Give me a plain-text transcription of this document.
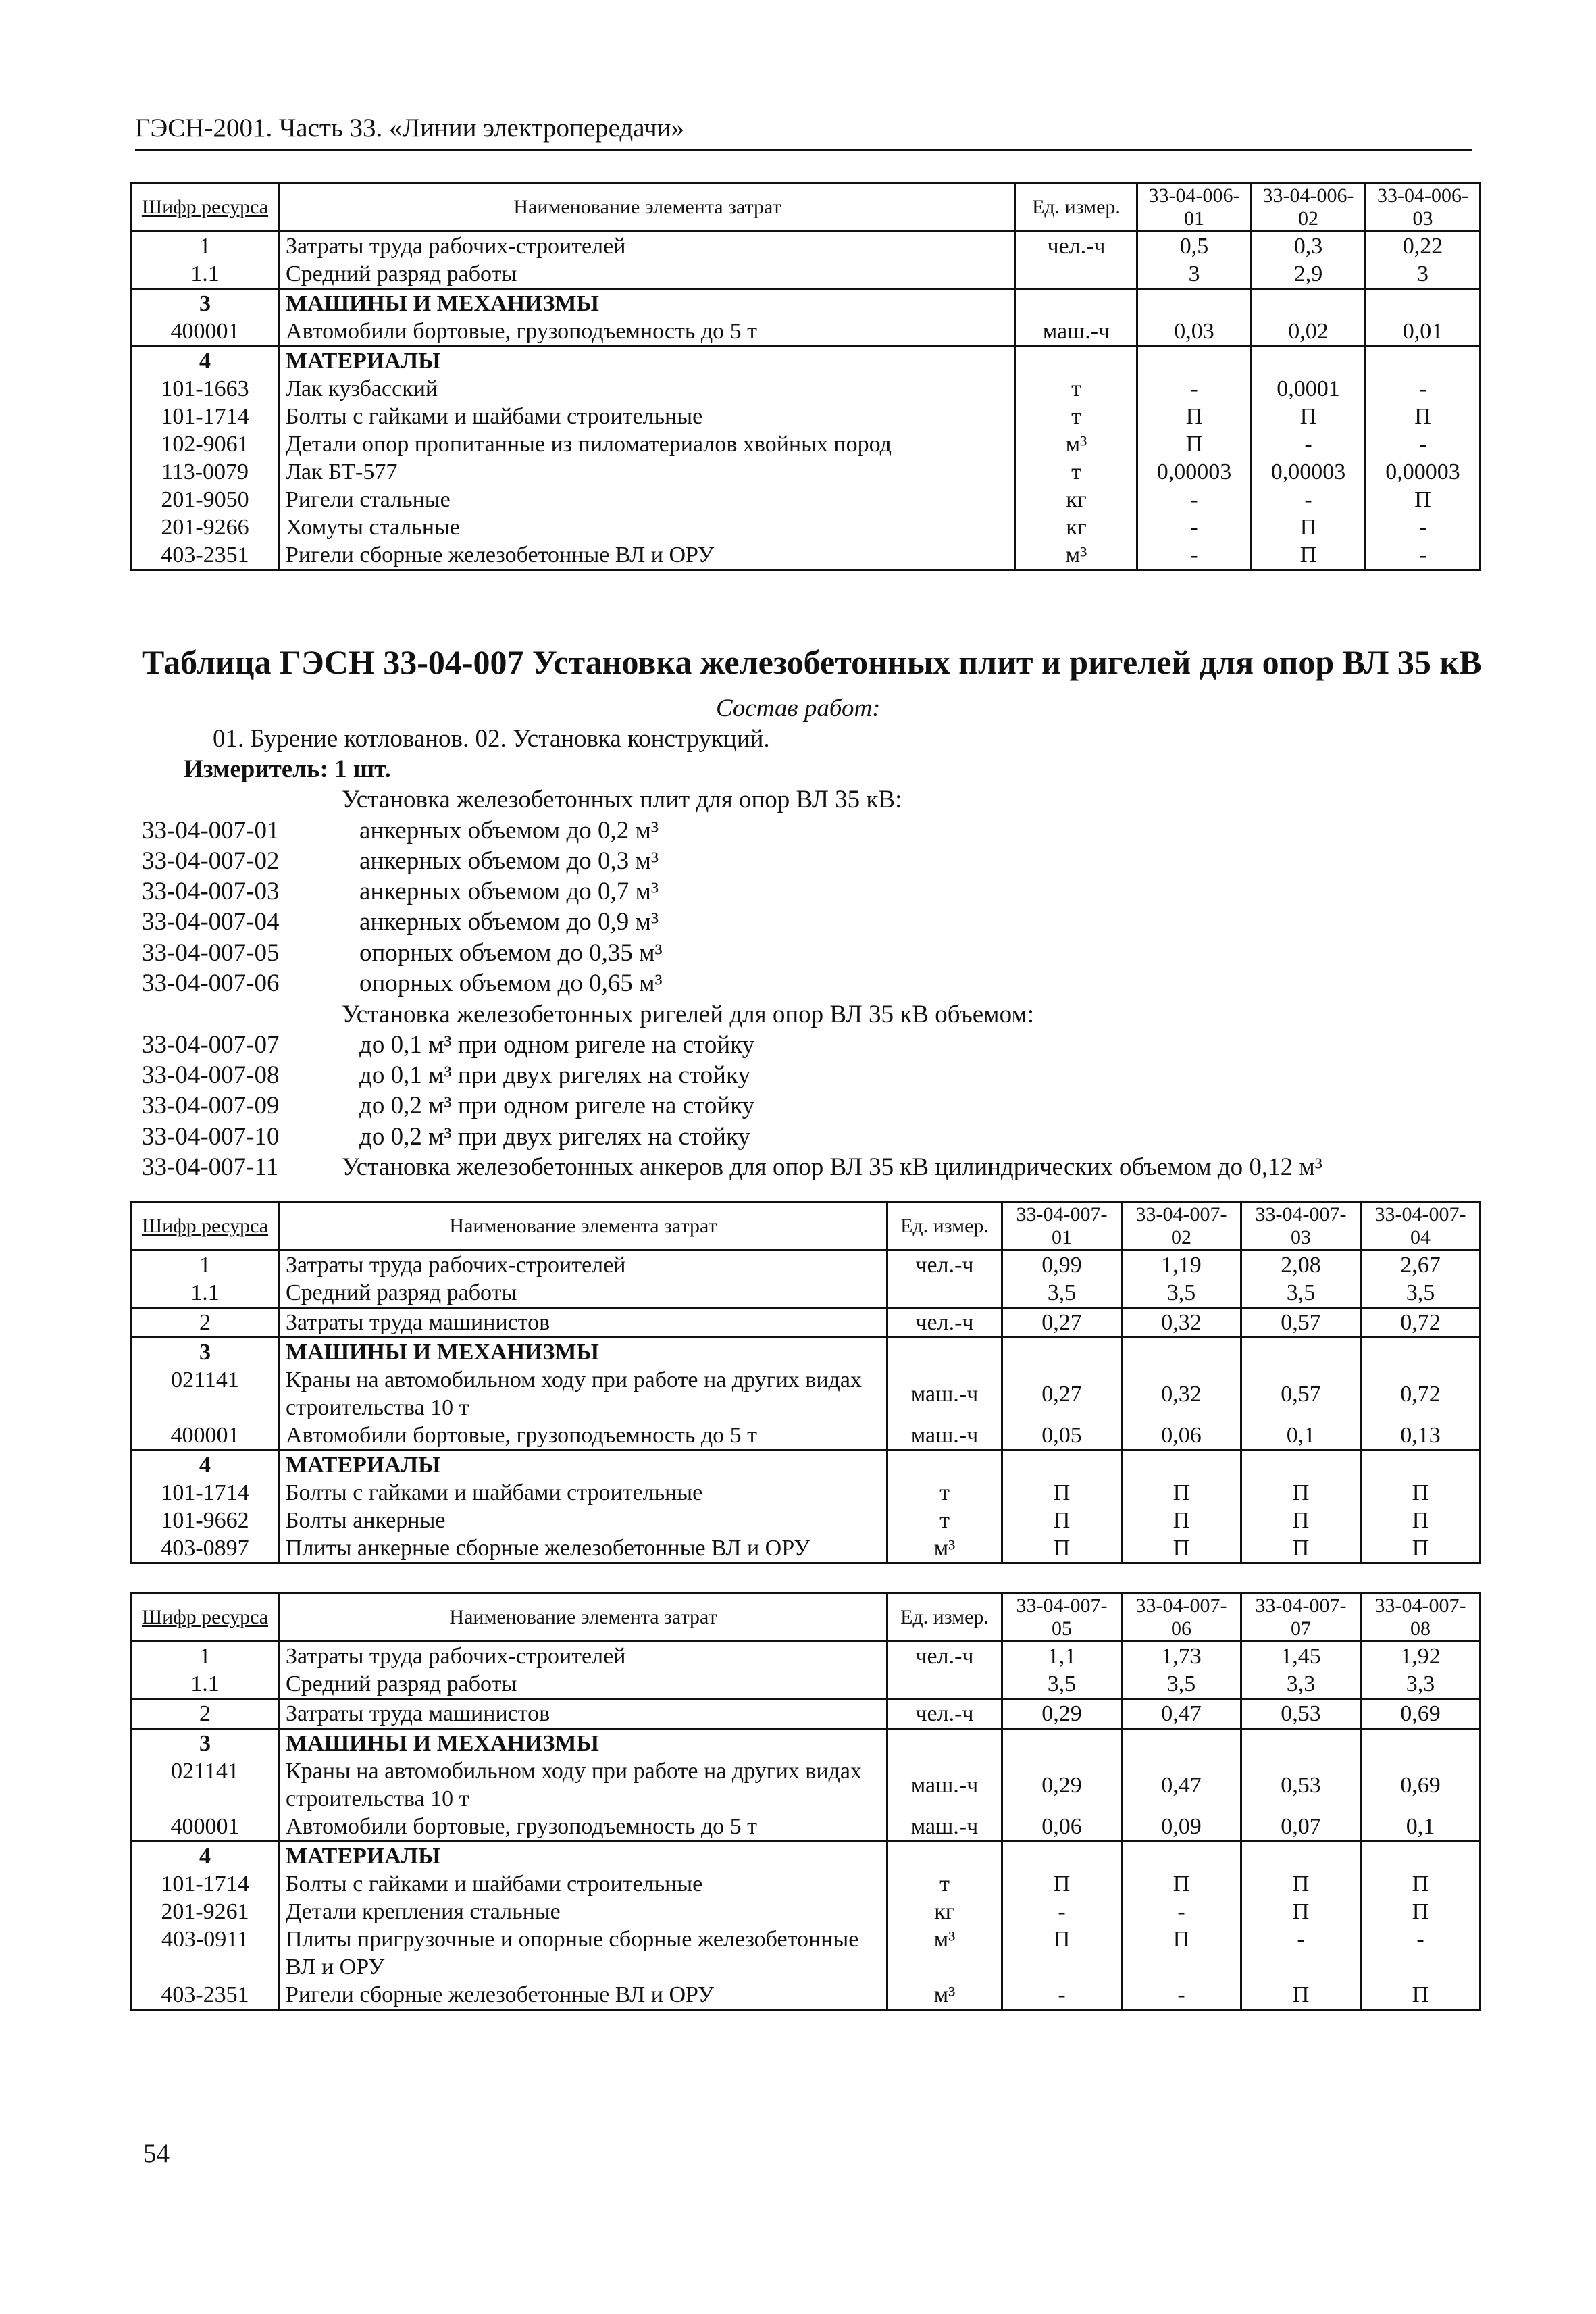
ГЭСН-2001. Часть 33. «Линии электропередачи»
Шифр ресурса	Наименование элемента затрат	Ед. измер.	33-04-006-01	33-04-006-02	33-04-006-03
1	Затраты труда рабочих-строителей	чел.-ч	0,5	0,3	0,22
1.1	Средний разряд работы		3	2,9	3
3	МАШИНЫ И МЕХАНИЗМЫ				
400001	Автомобили бортовые, грузоподъемность до 5 т	маш.-ч	0,03	0,02	0,01
4	МАТЕРИАЛЫ				
101-1663	Лак кузбасский	т	-	0,0001	-
101-1714	Болты с гайками и шайбами строительные	т	П	П	П
102-9061	Детали опор пропитанные из пиломатериалов хвойных пород	м³	П	-	-
113-0079	Лак БТ-577	т	0,00003	0,00003	0,00003
201-9050	Ригели стальные	кг	-	-	П
201-9266	Хомуты стальные	кг	-	П	-
403-2351	Ригели сборные железобетонные ВЛ и ОРУ	м³	-	П	-
Таблица ГЭСН 33-04-007 Установка железобетонных плит и ригелей для опор ВЛ 35 кВ
Состав работ:
01. Бурение котлованов. 02. Установка конструкций.
Измеритель: 1 шт.
Установка железобетонных плит для опор ВЛ 35 кВ:
33-04-007-01	анкерных объемом до 0,2 м³
33-04-007-02	анкерных объемом до 0,3 м³
33-04-007-03	анкерных объемом до 0,7 м³
33-04-007-04	анкерных объемом до 0,9 м³
33-04-007-05	опорных объемом до 0,35 м³
33-04-007-06	опорных объемом до 0,65 м³
Установка железобетонных ригелей для опор ВЛ 35 кВ объемом:
33-04-007-07	до 0,1 м³ при одном ригеле на стойку
33-04-007-08	до 0,1 м³ при двух ригелях на стойку
33-04-007-09	до 0,2 м³ при одном ригеле на стойку
33-04-007-10	до 0,2 м³ при двух ригелях на стойку
33-04-007-11	Установка железобетонных анкеров для опор ВЛ 35 кВ цилиндрических объемом до 0,12 м³
Шифр ресурса	Наименование элемента затрат	Ед. измер.	33-04-007-01	33-04-007-02	33-04-007-03	33-04-007-04
1	Затраты труда рабочих-строителей	чел.-ч	0,99	1,19	2,08	2,67
1.1	Средний разряд работы		3,5	3,5	3,5	3,5
2	Затраты труда машинистов	чел.-ч	0,27	0,32	0,57	0,72
3	МАШИНЫ И МЕХАНИЗМЫ					
021141	Краны на автомобильном ходу при работе на других видах строительства 10 т	маш.-ч	0,27	0,32	0,57	0,72
400001	Автомобили бортовые, грузоподъемность до 5 т	маш.-ч	0,05	0,06	0,1	0,13
4	МАТЕРИАЛЫ					
101-1714	Болты с гайками и шайбами строительные	т	П	П	П	П
101-9662	Болты анкерные	т	П	П	П	П
403-0897	Плиты анкерные сборные железобетонные ВЛ и ОРУ	м³	П	П	П	П
Шифр ресурса	Наименование элемента затрат	Ед. измер.	33-04-007-05	33-04-007-06	33-04-007-07	33-04-007-08
1	Затраты труда рабочих-строителей	чел.-ч	1,1	1,73	1,45	1,92
1.1	Средний разряд работы		3,5	3,5	3,3	3,3
2	Затраты труда машинистов	чел.-ч	0,29	0,47	0,53	0,69
3	МАШИНЫ И МЕХАНИЗМЫ					
021141	Краны на автомобильном ходу при работе на других видах строительства 10 т	маш.-ч	0,29	0,47	0,53	0,69
400001	Автомобили бортовые, грузоподъемность до 5 т	маш.-ч	0,06	0,09	0,07	0,1
4	МАТЕРИАЛЫ					
101-1714	Болты с гайками и шайбами строительные	т	П	П	П	П
201-9261	Детали крепления стальные	кг	-	-	П	П
403-0911	Плиты пригрузочные и опорные сборные железобетонные ВЛ и ОРУ	м³	П	П	-	-
403-2351	Ригели сборные железобетонные ВЛ и ОРУ	м³	-	-	П	П
54
